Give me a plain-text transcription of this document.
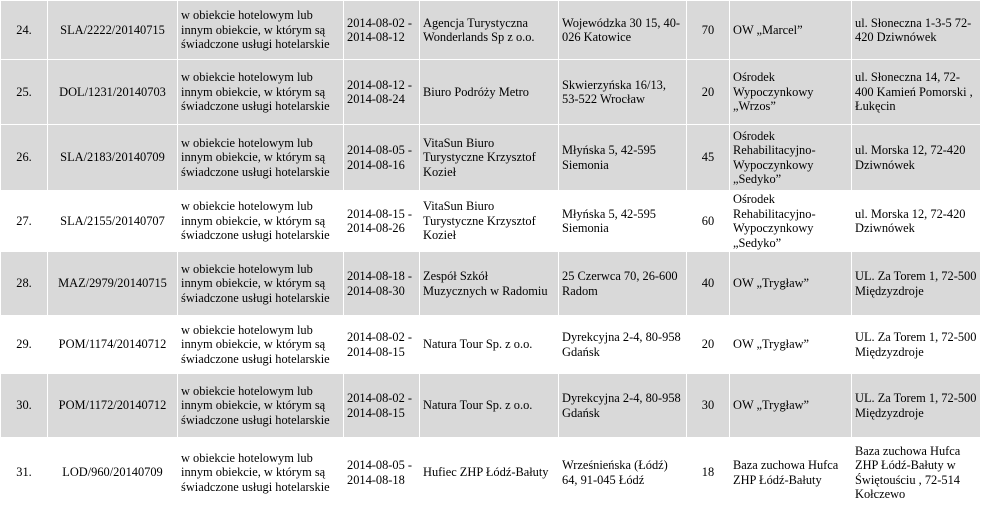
24.	SLA/2222/20140715	w obiekcie hotelowym lub innym obiekcie, w którym są świadczone usługi hotelarskie	2014-08-02 - 2014-08-12	Agencja Turystyczna Wonderlands Sp z o.o.	Wojewódzka 30 15, 40-026 Katowice	70	OW „Marcel”	ul. Słoneczna 1-3-5 72-420 Dziwnówek
25.	DOL/1231/20140703	w obiekcie hotelowym lub innym obiekcie, w którym są świadczone usługi hotelarskie	2014-08-12 - 2014-08-24	Biuro Podróży Metro	Skwierzyńska 16/13, 53-522 Wrocław	20	Ośrodek Wypoczynkowy „Wrzos”	ul. Słoneczna 14, 72-400 Kamień Pomorski , Łukęcin
26.	SLA/2183/20140709	w obiekcie hotelowym lub innym obiekcie, w którym są świadczone usługi hotelarskie	2014-08-05 - 2014-08-16	VitaSun Biuro Turystyczne Krzysztof Kozieł	Młyńska 5, 42-595 Siemonia	45	Ośrodek Rehabilitacyjno-Wypoczynkowy „Sedyko”	ul. Morska 12, 72-420 Dziwnówek
27.	SLA/2155/20140707	w obiekcie hotelowym lub innym obiekcie, w którym są świadczone usługi hotelarskie	2014-08-15 - 2014-08-26	VitaSun Biuro Turystyczne Krzysztof Kozieł	Młyńska 5, 42-595 Siemonia	60	Ośrodek Rehabilitacyjno-Wypoczynkowy „Sedyko”	ul. Morska 12, 72-420 Dziwnówek
28.	MAZ/2979/20140715	w obiekcie hotelowym lub innym obiekcie, w którym są świadczone usługi hotelarskie	2014-08-18 - 2014-08-30	Zespół Szkół Muzycznych w Radomiu	25 Czerwca 70, 26-600 Radom	40	OW „Trygław”	UL. Za Torem 1, 72-500 Międzyzdroje
29.	POM/1174/20140712	w obiekcie hotelowym lub innym obiekcie, w którym są świadczone usługi hotelarskie	2014-08-02 - 2014-08-15	Natura Tour Sp. z o.o.	Dyrekcyjna 2-4, 80-958 Gdańsk	20	OW „Trygław”	UL. Za Torem 1, 72-500 Międzyzdroje
30.	POM/1172/20140712	w obiekcie hotelowym lub innym obiekcie, w którym są świadczone usługi hotelarskie	2014-08-02 - 2014-08-15	Natura Tour Sp. z o.o.	Dyrekcyjna 2-4, 80-958 Gdańsk	30	OW „Trygław”	UL. Za Torem 1, 72-500 Międzyzdroje
31.	LOD/960/20140709	w obiekcie hotelowym lub innym obiekcie, w którym są świadczone usługi hotelarskie	2014-08-05 - 2014-08-18	Hufiec ZHP Łódź-Bałuty	Wrześnieńska (Łódź) 64, 91-045 Łódź	18	Baza zuchowa Hufca ZHP Łódź-Bałuty	Baza zuchowa Hufca ZHP Łódź-Bałuty w Świętouściu , 72-514 Kołczewo
